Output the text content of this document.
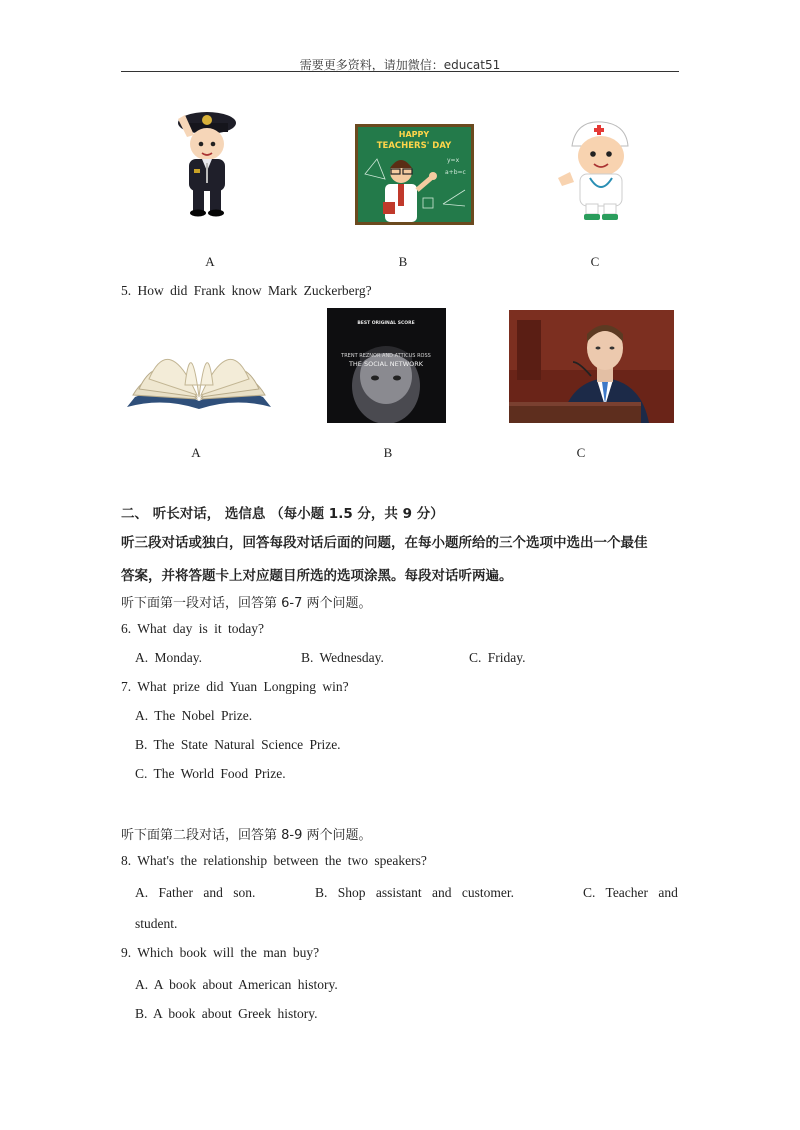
需要更多资料，请加微信：educat51
HAPPY
TEACHERS' DAY
a+b=c
y=x
A	B	C
5. How did Frank know Mark Zuckerberg?
BEST ORIGINAL SCORE
TRENT REZNOR AND ATTICUS ROSS
THE SOCIAL NETWORK
A	B	C
二、 听长对话， 选信息 （每小题 1.5 分，共 9 分）
听三段对话或独白，回答每段对话后面的问题，在每小题所给的三个选项中选出一个最佳
答案，并将答题卡上对应题目所选的选项涂黑。每段对话听两遍。
听下面第一段对话，回答第 6-7 两个问题。
6. What day is it today?
A. Monday.	B. Wednesday.	C. Friday.
7. What prize did Yuan Longping win?
A. The Nobel Prize.
B. The State Natural Science Prize.
C. The World Food Prize.
听下面第二段对话，回答第 8-9 两个问题。
8. What's the relationship between the two speakers?
A. Father and son.	B. Shop assistant and customer.	C. Teacher and
student.
9. Which book will the man buy?
A. A book about American history.
B. A book about Greek history.
